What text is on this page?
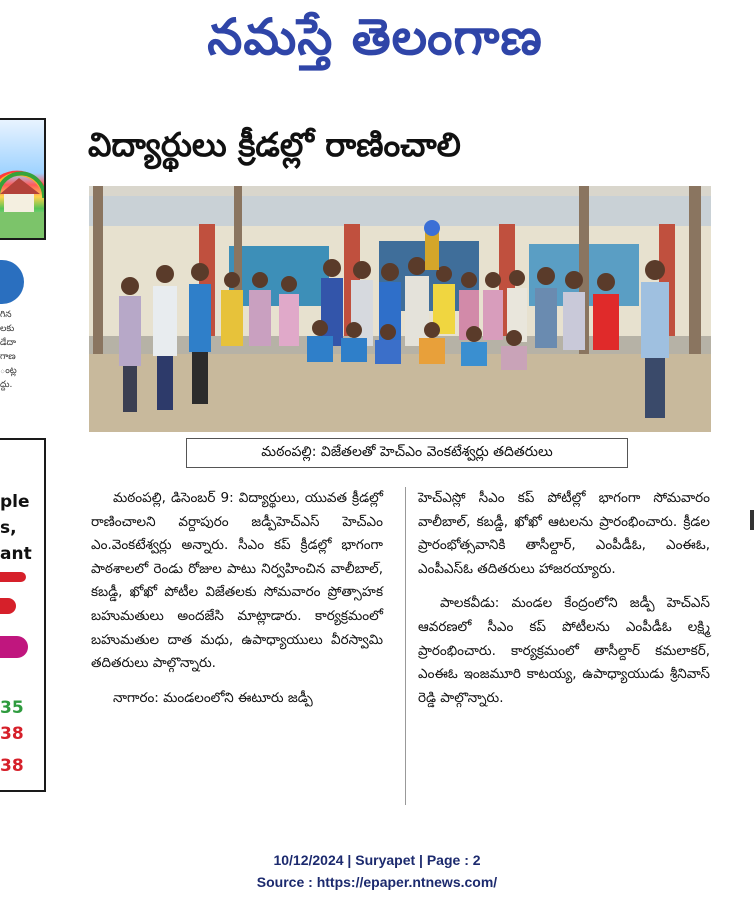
నమస్తే తెలంగాణ
గిన
లకు
డేదా
గాణ
ంట్ల
ద్దు.
ple
s,
ant
35
38
38
విద్యార్థులు క్రీడల్లో రాణించాలి
మఠంపల్లి: విజేతలతో హెచ్ఎం వెంకటేశ్వర్లు తదితరులు

మఠంపల్లి, డిసెంబర్ 9: విద్యార్థులు, యువత క్రీడల్లో రాణించాలని వర్దాపురం జడ్పీహెచ్ఎస్ హెచ్ఎం ఎం.వెంకటేశ్వర్లు అన్నారు. సీఎం కప్ క్రీడల్లో భాగంగా పాఠశాలలో రెండు రోజుల పాటు నిర్వహించిన వాలీబాల్, కబడ్డీ, ఖోఖో పోటీల విజేతలకు సోమవారం ప్రోత్సాహక బహుమతులు అందజేసి మాట్లాడారు. కార్యక్రమంలో బహుమతుల దాత మధు, ఉపాధ్యాయులు వీరస్వామి తదితరులు పాల్గొన్నారు.

నాగారం: మండలంలోని ఈటూరు జడ్పీ

హెచ్ఎస్లో సీఎం కప్ పోటీల్లో భాగంగా సోమవారం వాలీబాల్, కబడ్డీ, ఖోఖో ఆటలను ప్రారంభించారు. క్రీడల ప్రారంభోత్సవానికి తాసీల్దార్, ఎంపీడీఓ, ఎంఈఓ, ఎంపీఎస్ఓ తదితరులు హాజరయ్యారు.

పాలకవీడు: మండల కేంద్రంలోని జడ్పీ హెచ్ఎస్ ఆవరణలో సీఎం కప్ పోటీలను ఎంపీడీఓ లక్ష్మి ప్రారంభించారు. కార్యక్రమంలో తాసీల్దార్ కమలాకర్, ఎంఈఓ ఇంజమూరి కాటయ్య, ఉపాధ్యాయుడు శ్రీనివాస్ రెడ్డి పాల్గొన్నారు.

10/12/2024 | Suryapet | Page : 2
Source : https://epaper.ntnews.com/
